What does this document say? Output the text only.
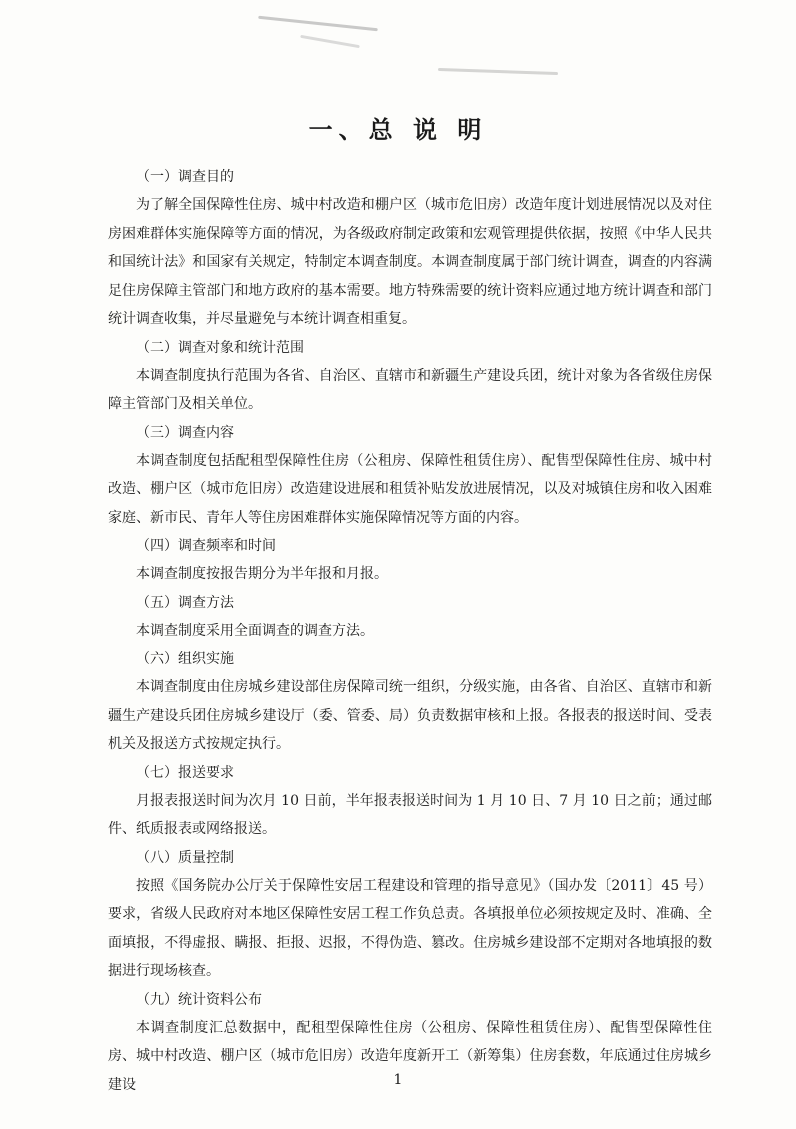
一、总 说 明
（一）调查目的

为了解全国保障性住房、城中村改造和棚户区（城市危旧房）改造年度计划进展情况以及对住房困难群体实施保障等方面的情况，为各级政府制定政策和宏观管理提供依据，按照《中华人民共和国统计法》和国家有关规定，特制定本调查制度。本调查制度属于部门统计调查，调查的内容满足住房保障主管部门和地方政府的基本需要。地方特殊需要的统计资料应通过地方统计调查和部门统计调查收集，并尽量避免与本统计调查相重复。

（二）调查对象和统计范围

本调查制度执行范围为各省、自治区、直辖市和新疆生产建设兵团，统计对象为各省级住房保障主管部门及相关单位。

（三）调查内容

本调查制度包括配租型保障性住房（公租房、保障性租赁住房）、配售型保障性住房、城中村改造、棚户区（城市危旧房）改造建设进展和租赁补贴发放进展情况，以及对城镇住房和收入困难家庭、新市民、青年人等住房困难群体实施保障情况等方面的内容。

（四）调查频率和时间

本调查制度按报告期分为半年报和月报。

（五）调查方法

本调查制度采用全面调查的调查方法。

（六）组织实施

本调查制度由住房城乡建设部住房保障司统一组织，分级实施，由各省、自治区、直辖市和新疆生产建设兵团住房城乡建设厅（委、管委、局）负责数据审核和上报。各报表的报送时间、受表机关及报送方式按规定执行。

（七）报送要求

月报表报送时间为次月 10 日前，半年报表报送时间为 1 月 10 日、7 月 10 日之前；通过邮件、纸质报表或网络报送。

（八）质量控制

按照《国务院办公厅关于保障性安居工程建设和管理的指导意见》（国办发〔2011〕45 号）要求，省级人民政府对本地区保障性安居工程工作负总责。各填报单位必须按规定及时、准确、全面填报，不得虚报、瞒报、拒报、迟报，不得伪造、篡改。住房城乡建设部不定期对各地填报的数据进行现场核查。

（九）统计资料公布

本调查制度汇总数据中，配租型保障性住房（公租房、保障性租赁住房）、配售型保障性住房、城中村改造、棚户区（城市危旧房）改造年度新开工（新筹集）住房套数，年底通过住房城乡建设	1
